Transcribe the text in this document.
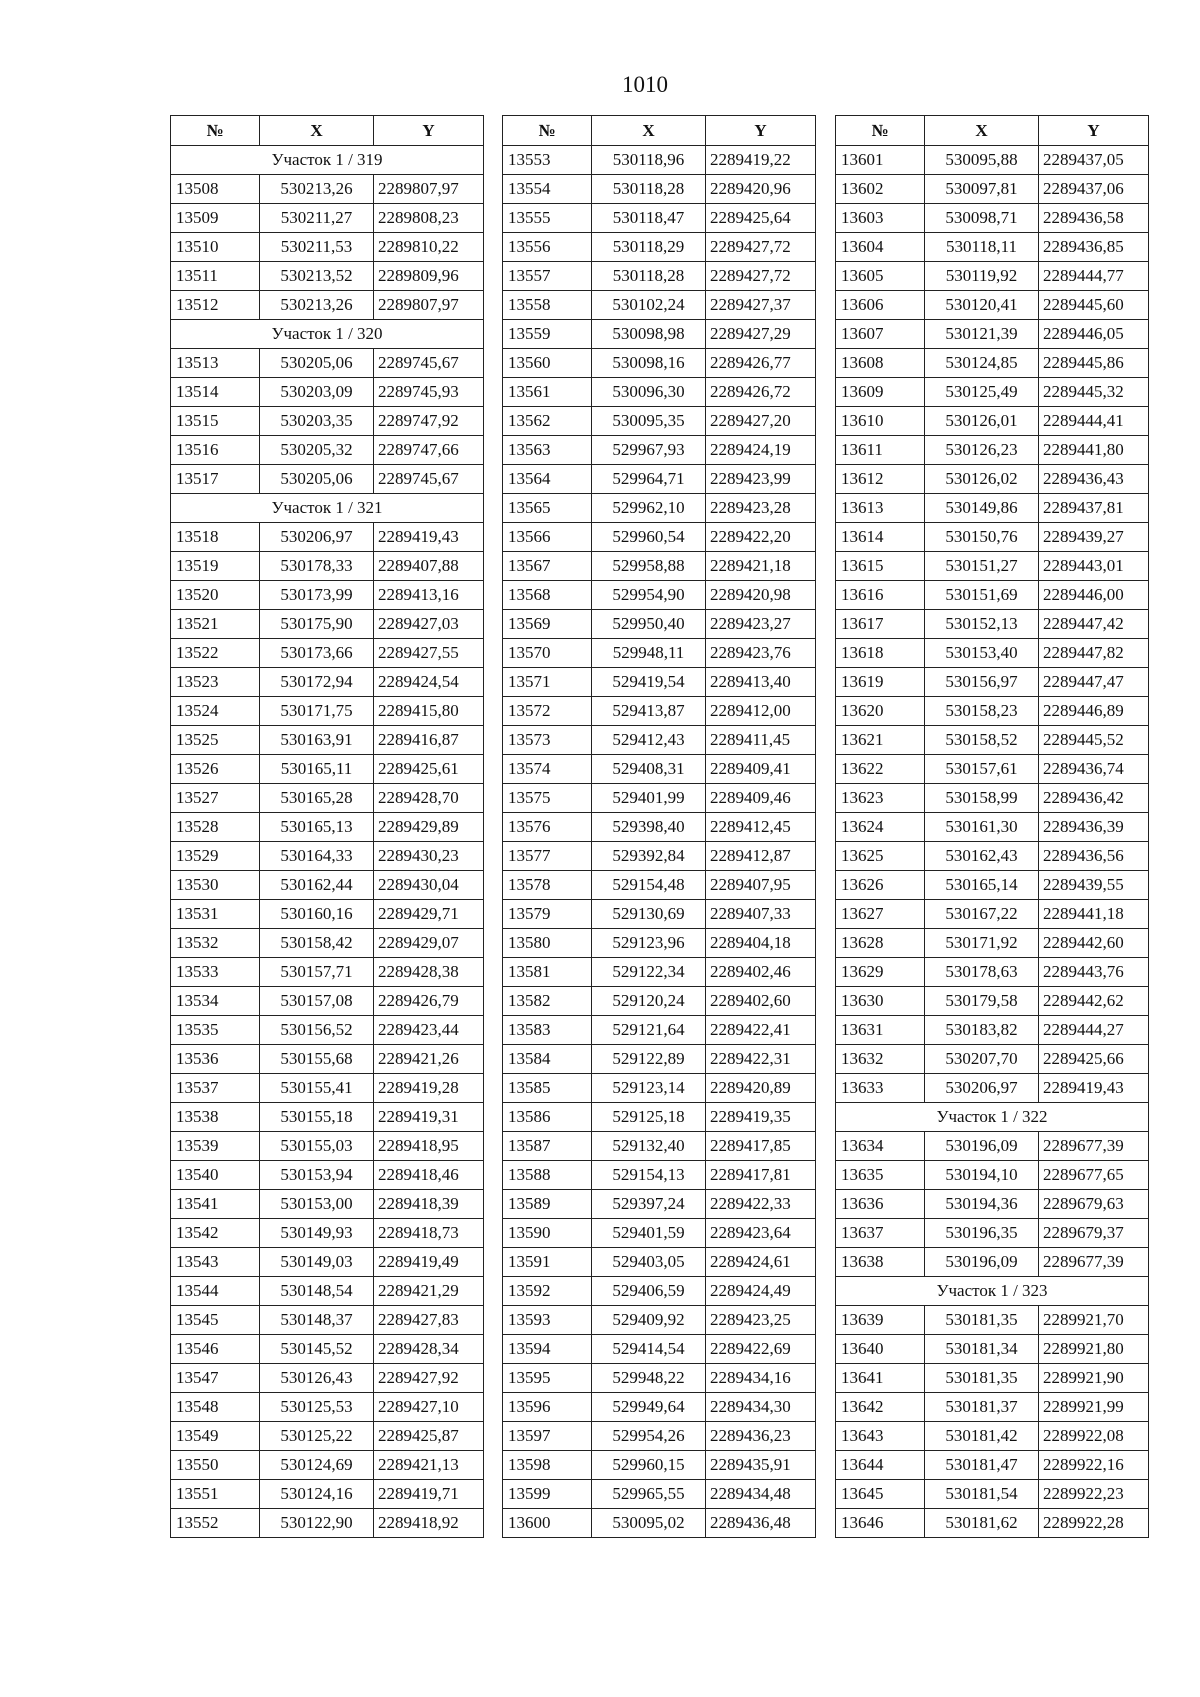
1010
№	X	Y
Участок 1 / 319		
13508	530213,26	2289807,97
13509	530211,27	2289808,23
13510	530211,53	2289810,22
13511	530213,52	2289809,96
13512	530213,26	2289807,97
Участок 1 / 320		
13513	530205,06	2289745,67
13514	530203,09	2289745,93
13515	530203,35	2289747,92
13516	530205,32	2289747,66
13517	530205,06	2289745,67
Участок 1 / 321		
13518	530206,97	2289419,43
13519	530178,33	2289407,88
13520	530173,99	2289413,16
13521	530175,90	2289427,03
13522	530173,66	2289427,55
13523	530172,94	2289424,54
13524	530171,75	2289415,80
13525	530163,91	2289416,87
13526	530165,11	2289425,61
13527	530165,28	2289428,70
13528	530165,13	2289429,89
13529	530164,33	2289430,23
13530	530162,44	2289430,04
13531	530160,16	2289429,71
13532	530158,42	2289429,07
13533	530157,71	2289428,38
13534	530157,08	2289426,79
13535	530156,52	2289423,44
13536	530155,68	2289421,26
13537	530155,41	2289419,28
13538	530155,18	2289419,31
13539	530155,03	2289418,95
13540	530153,94	2289418,46
13541	530153,00	2289418,39
13542	530149,93	2289418,73
13543	530149,03	2289419,49
13544	530148,54	2289421,29
13545	530148,37	2289427,83
13546	530145,52	2289428,34
13547	530126,43	2289427,92
13548	530125,53	2289427,10
13549	530125,22	2289425,87
13550	530124,69	2289421,13
13551	530124,16	2289419,71
13552	530122,90	2289418,92
№	X	Y
13553	530118,96	2289419,22
13554	530118,28	2289420,96
13555	530118,47	2289425,64
13556	530118,29	2289427,72
13557	530118,28	2289427,72
13558	530102,24	2289427,37
13559	530098,98	2289427,29
13560	530098,16	2289426,77
13561	530096,30	2289426,72
13562	530095,35	2289427,20
13563	529967,93	2289424,19
13564	529964,71	2289423,99
13565	529962,10	2289423,28
13566	529960,54	2289422,20
13567	529958,88	2289421,18
13568	529954,90	2289420,98
13569	529950,40	2289423,27
13570	529948,11	2289423,76
13571	529419,54	2289413,40
13572	529413,87	2289412,00
13573	529412,43	2289411,45
13574	529408,31	2289409,41
13575	529401,99	2289409,46
13576	529398,40	2289412,45
13577	529392,84	2289412,87
13578	529154,48	2289407,95
13579	529130,69	2289407,33
13580	529123,96	2289404,18
13581	529122,34	2289402,46
13582	529120,24	2289402,60
13583	529121,64	2289422,41
13584	529122,89	2289422,31
13585	529123,14	2289420,89
13586	529125,18	2289419,35
13587	529132,40	2289417,85
13588	529154,13	2289417,81
13589	529397,24	2289422,33
13590	529401,59	2289423,64
13591	529403,05	2289424,61
13592	529406,59	2289424,49
13593	529409,92	2289423,25
13594	529414,54	2289422,69
13595	529948,22	2289434,16
13596	529949,64	2289434,30
13597	529954,26	2289436,23
13598	529960,15	2289435,91
13599	529965,55	2289434,48
13600	530095,02	2289436,48
№	X	Y
13601	530095,88	2289437,05
13602	530097,81	2289437,06
13603	530098,71	2289436,58
13604	530118,11	2289436,85
13605	530119,92	2289444,77
13606	530120,41	2289445,60
13607	530121,39	2289446,05
13608	530124,85	2289445,86
13609	530125,49	2289445,32
13610	530126,01	2289444,41
13611	530126,23	2289441,80
13612	530126,02	2289436,43
13613	530149,86	2289437,81
13614	530150,76	2289439,27
13615	530151,27	2289443,01
13616	530151,69	2289446,00
13617	530152,13	2289447,42
13618	530153,40	2289447,82
13619	530156,97	2289447,47
13620	530158,23	2289446,89
13621	530158,52	2289445,52
13622	530157,61	2289436,74
13623	530158,99	2289436,42
13624	530161,30	2289436,39
13625	530162,43	2289436,56
13626	530165,14	2289439,55
13627	530167,22	2289441,18
13628	530171,92	2289442,60
13629	530178,63	2289443,76
13630	530179,58	2289442,62
13631	530183,82	2289444,27
13632	530207,70	2289425,66
13633	530206,97	2289419,43
Участок 1 / 322		
13634	530196,09	2289677,39
13635	530194,10	2289677,65
13636	530194,36	2289679,63
13637	530196,35	2289679,37
13638	530196,09	2289677,39
Участок 1 / 323		
13639	530181,35	2289921,70
13640	530181,34	2289921,80
13641	530181,35	2289921,90
13642	530181,37	2289921,99
13643	530181,42	2289922,08
13644	530181,47	2289922,16
13645	530181,54	2289922,23
13646	530181,62	2289922,28
